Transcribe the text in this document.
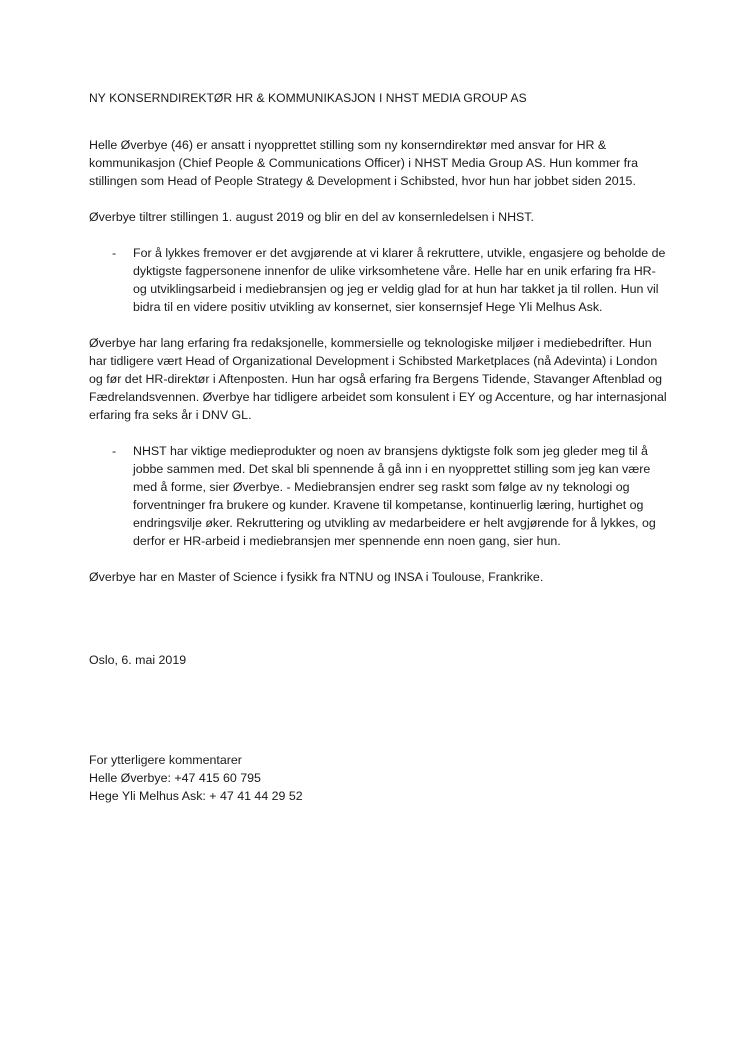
NY KONSERNDIREKTØR HR & KOMMUNIKASJON I NHST MEDIA GROUP AS

Helle Øverbye (46) er ansatt i nyopprettet stilling som ny konserndirektør med ansvar for HR & kommunikasjon (Chief People & Communications Officer) i NHST Media Group AS. Hun kommer fra stillingen som Head of People Strategy & Development i Schibsted, hvor hun har jobbet siden 2015.

Øverbye tiltrer stillingen 1. august 2019 og blir en del av konsernledelsen i NHST.

- For å lykkes fremover er det avgjørende at vi klarer å rekruttere, utvikle, engasjere og beholde de dyktigste fagpersonene innenfor de ulike virksomhetene våre. Helle har en unik erfaring fra HR- og utviklingsarbeid i mediebransjen og jeg er veldig glad for at hun har takket ja til rollen. Hun vil bidra til en videre positiv utvikling av konsernet, sier konsernsjef Hege Yli Melhus Ask.

Øverbye har lang erfaring fra redaksjonelle, kommersielle og teknologiske miljøer i mediebedrifter. Hun har tidligere vært Head of Organizational Development i Schibsted Marketplaces (nå Adevinta) i London og før det HR-direktør i Aftenposten. Hun har også erfaring fra Bergens Tidende, Stavanger Aftenblad og Fædrelandsvennen. Øverbye har tidligere arbeidet som konsulent i EY og Accenture, og har internasjonal erfaring fra seks år i DNV GL.

- NHST har viktige medieprodukter og noen av bransjens dyktigste folk som jeg gleder meg til å jobbe sammen med. Det skal bli spennende å gå inn i en nyopprettet stilling som jeg kan være med å forme, sier Øverbye. - Mediebransjen endrer seg raskt som følge av ny teknologi og forventninger fra brukere og kunder. Kravene til kompetanse, kontinuerlig læring, hurtighet og endringsvilje øker. Rekruttering og utvikling av medarbeidere er helt avgjørende for å lykkes, og derfor er HR-arbeid i mediebransjen mer spennende enn noen gang, sier hun.

Øverbye har en Master of Science i fysikk fra NTNU og INSA i Toulouse, Frankrike.

Oslo, 6. mai 2019

For ytterligere kommentarer
Helle Øverbye: +47 415 60 795
Hege Yli Melhus Ask: + 47 41 44 29 52
